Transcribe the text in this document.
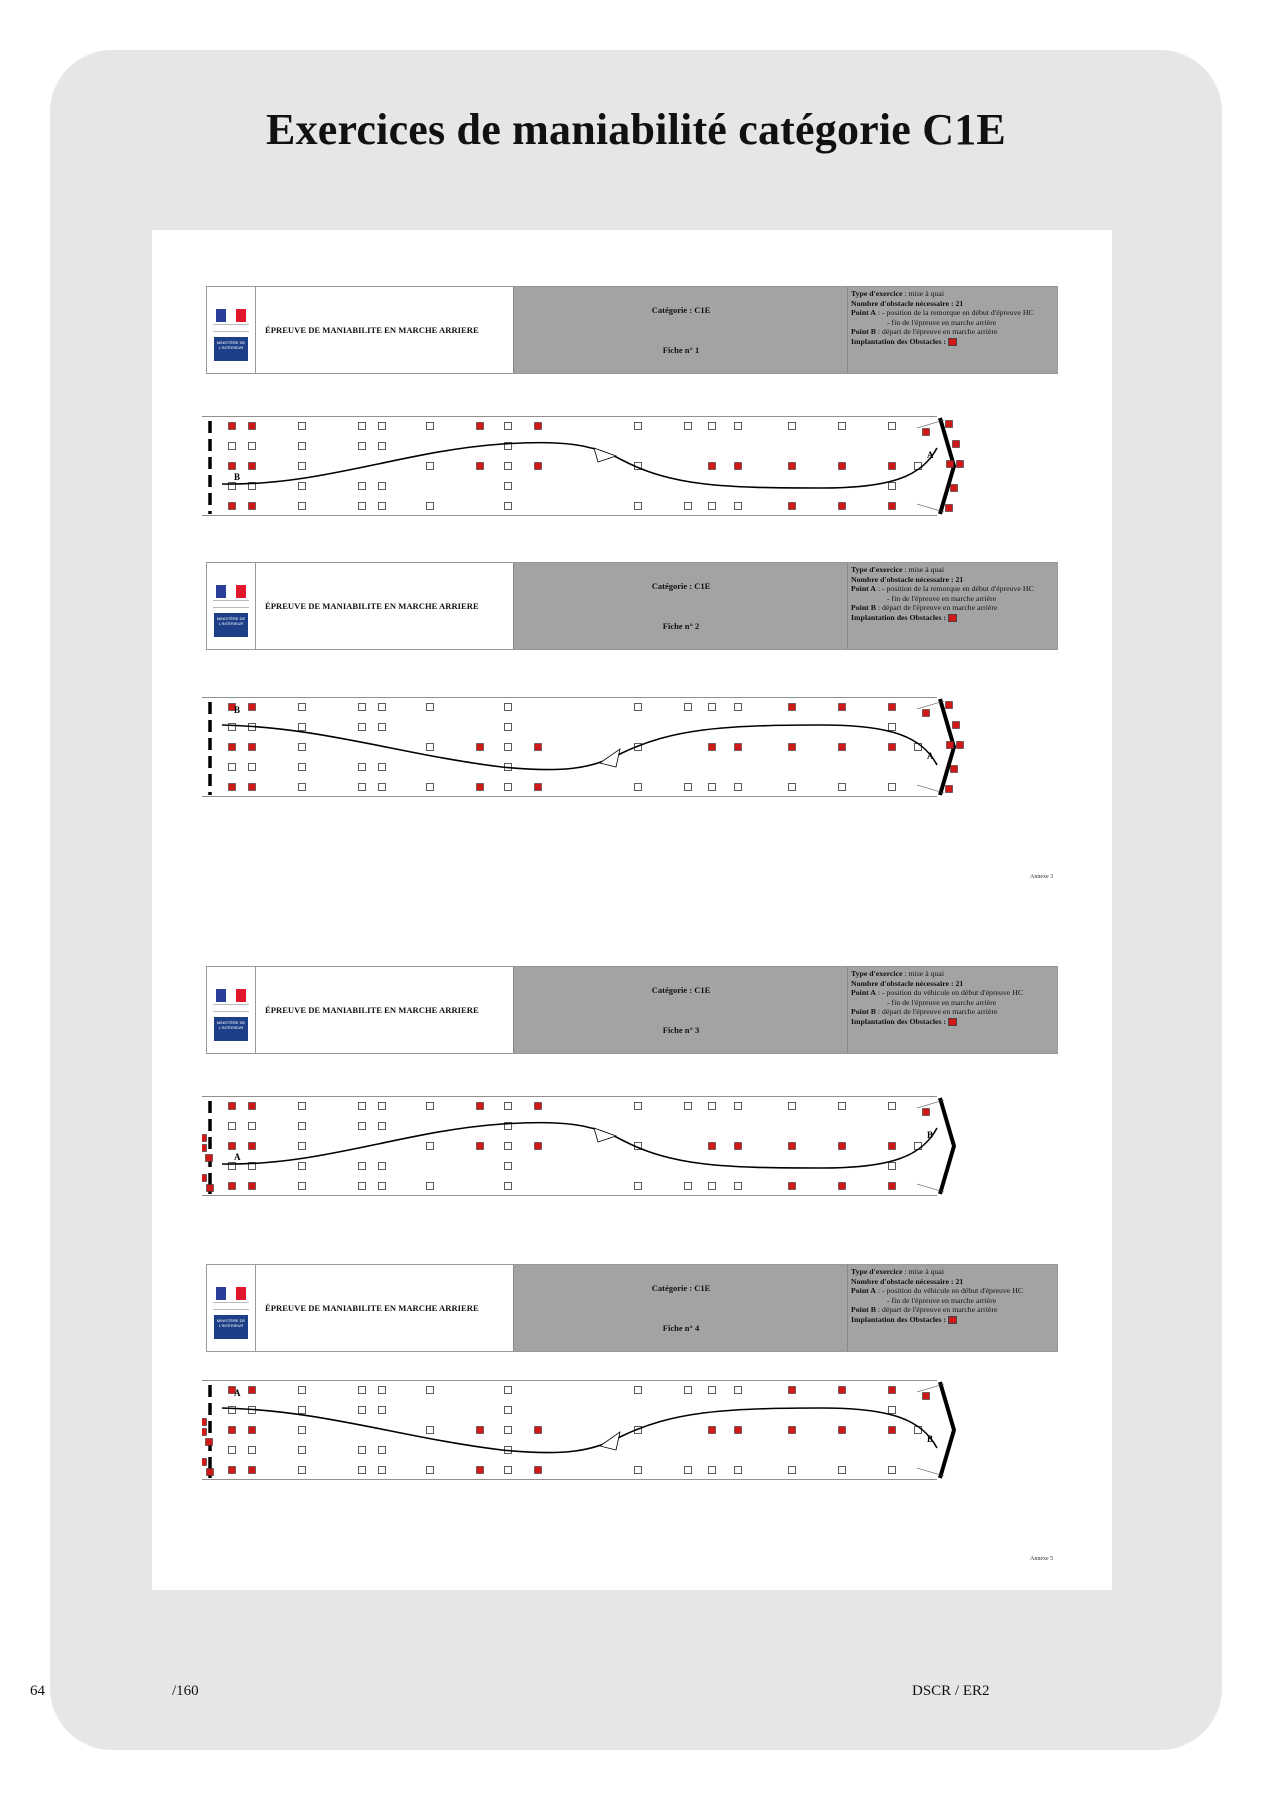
Exercices de maniabilité catégorie C1E
MINISTÈRE DE L'INTÉRIEUR
ÉPREUVE DE MANIABILITE EN MARCHE ARRIERE
Catégorie : C1E
Fiche n° 1
Type d'exercice : mise à quai
Nombre d'obstacle nécessaire : 21
Point A : - position de la remorque en début d'épreuve HC
- fin de l'épreuve en marche arrière
Point B : départ de l'épreuve en marche arrière
Implantation des Obstacles :
B
A
MINISTÈRE DE L'INTÉRIEUR
ÉPREUVE DE MANIABILITE EN MARCHE ARRIERE
Catégorie : C1E
Fiche n° 2
Type d'exercice : mise à quai
Nombre d'obstacle nécessaire : 21
Point A : - position de la remorque en début d'épreuve HC
- fin de l'épreuve en marche arrière
Point B : départ de l'épreuve en marche arrière
Implantation des Obstacles :
B
A
Annexe 3
MINISTÈRE DE L'INTÉRIEUR
ÉPREUVE DE MANIABILITE EN MARCHE ARRIERE
Catégorie : C1E
Fiche n° 3
Type d'exercice : mise à quai
Nombre d'obstacle nécessaire : 21
Point A : - position du véhicule en début d'épreuve HC
- fin de l'épreuve en marche arrière
Point B : départ de l'épreuve en marche arrière
Implantation des Obstacles :
A
B
MINISTÈRE DE L'INTÉRIEUR
ÉPREUVE DE MANIABILITE EN MARCHE ARRIERE
Catégorie : C1E
Fiche n° 4
Type d'exercice : mise à quai
Nombre d'obstacle nécessaire : 21
Point A : - position du véhicule en début d'épreuve HC
- fin de l'épreuve en marche arrière
Point B : départ de l'épreuve en marche arrière
Implantation des Obstacles :
A
B
Annexe 5
64	/160	DSCR / ER2
